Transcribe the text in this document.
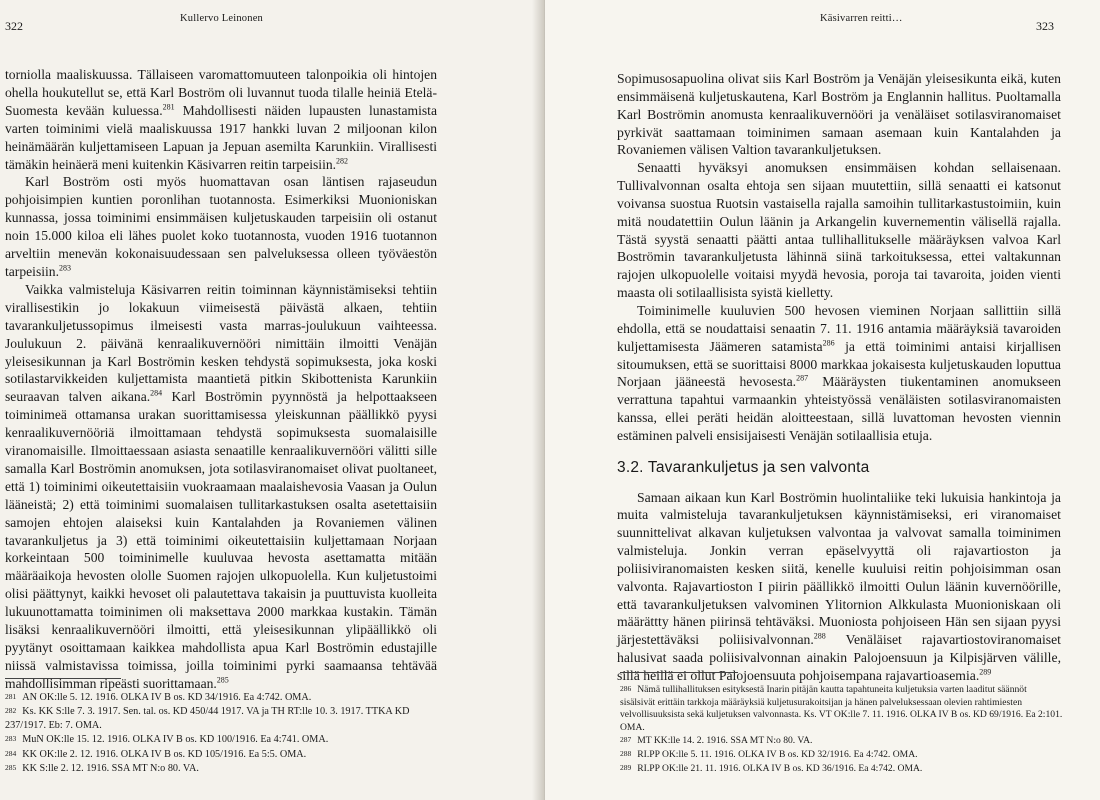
322
Kullervo Leinonen

torniolla maaliskuussa. Tällaiseen varomattomuuteen talonpoikia oli hintojen ohella houkutellut se, että Karl Boström oli luvannut tuoda tilalle heiniä Etelä-Suomesta kevään kuluessa.$^{281}$ Mahdollisesti näiden lupausten lunastamista varten toiminimi vielä maaliskuussa 1917 hankki luvan 2 miljoonan kilon heinämäärän kuljettamiseen Lapuan ja Jepuan asemilta Karunkiin. Virallisesti tämäkin heinäerä meni kuitenkin Käsivarren reitin tarpeisiin.$^{282}$

Karl Boström osti myös huomattavan osan läntisen rajaseudun pohjoisimpien kuntien poronlihan tuotannosta. Esimerkiksi Muonioniskan kunnassa, jossa toiminimi ensimmäisen kuljetuskauden tarpeisiin oli ostanut noin 15.000 kiloa eli lähes puolet koko tuotannosta, vuoden 1916 tuotannon arveltiin menevän kokonaisuudessaan sen palveluksessa olleen työväestön tarpeisiin.$^{283}$

Vaikka valmisteluja Käsivarren reitin toiminnan käynnistämiseksi tehtiin virallisestikin jo lokakuun viimeisestä päivästä alkaen, tehtiin tavarankuljetussopimus ilmeisesti vasta marras-joulukuun vaihteessa. Joulukuun 2. päivänä kenraalikuvernööri nimittäin ilmoitti Venäjän yleisesikunnan ja Karl Boströmin kesken tehdystä sopimuksesta, joka koski sotilastarvikkeiden kuljettamista maantietä pitkin Skibottenista Karunkiin seuraavan talven aikana.$^{284}$ Karl Boströmin pyynnöstä ja helpottaakseen toiminimeä ottamansa urakan suorittamisessa yleiskunnan päällikkö pyysi kenraalikuvernööriä ilmoittamaan tehdystä sopimuksesta suomalaisille viranomaisille. Ilmoittaessaan asiasta senaatille kenraalikuvernööri välitti sille samalla Karl Boströmin anomuksen, jota sotilasviranomaiset olivat puoltaneet, että 1) toiminimi oikeutettaisiin vuokraamaan maalaishevosia Vaasan ja Oulun lääneistä; 2) että toiminimi suomalaisen tullitarkastuksen osalta asetettaisiin samojen ehtojen alaiseksi kuin Kantalahden ja Rovaniemen välinen tavarankuljetus ja 3) että toiminimi oikeutettaisiin kuljettamaan Norjaan korkeintaan 500 toiminimelle kuuluvaa hevosta asettamatta mitään määräaikoja hevosten ololle Suomen rajojen ulkopuolella. Kun kuljetustoimi olisi päättynyt, kaikki hevoset oli palautettava takaisin ja puuttuvista kuolleita lukuunottamatta toiminimen oli maksettava 2000 markkaa kustakin. Tämän lisäksi kenraalikuvernööri ilmoitti, että yleisesikunnan ylipäällikkö oli pyytänyt osoittamaan kaikkea mahdollista apua Karl Boströmin edustajille niissä valmistavissa toimissa, joilla toiminimi pyrki saamaansa tehtävää mahdollisimman ripeästi suorittamaan.$^{285}$

281 AN OK:lle 5. 12. 1916. OLKA IV B os. KD 34/1916. Ea 4:742. OMA.
282 Ks. KK S:lle 7. 3. 1917. Sen. tal. os. KD 450/44 1917. VA ja TH RT:lle 10. 3. 1917. TTKA KD 237/1917. Eb: 7. OMA.
283 MuN OK:lle 15. 12. 1916. OLKA IV B os. KD 100/1916. Ea 4:741. OMA.
284 KK OK:lle 2. 12. 1916. OLKA IV B os. KD 105/1916. Ea 5:5. OMA.
285 KK S:lle 2. 12. 1916. SSA MT N:o 80. VA.
Käsivarren reitti…
323

Sopimusosapuolina olivat siis Karl Boström ja Venäjän yleisesikunta eikä, kuten ensimmäisenä kuljetuskautena, Karl Boström ja Englannin hallitus. Puoltamalla Karl Boströmin anomusta kenraalikuvernööri ja venäläiset sotilasviranomaiset pyrkivät saattamaan toiminimen samaan asemaan kuin Kantalahden ja Rovaniemen välisen Valtion tavarankuljetuksen.

Senaatti hyväksyi anomuksen ensimmäisen kohdan sellaisenaan. Tullivalvonnan osalta ehtoja sen sijaan muutettiin, sillä senaatti ei katsonut voivansa suostua Ruotsin vastaisella rajalla samoihin tullitarkastustoimiin, kuin mitä noudatettiin Oulun läänin ja Arkangelin kuvernementin välisellä rajalla. Tästä syystä senaatti päätti antaa tullihallitukselle määräyksen valvoa Karl Boströmin tavarankuljetusta lähinnä siinä tarkoituksessa, ettei valtakunnan rajojen ulkopuolelle voitaisi myydä hevosia, poroja tai tavaroita, joiden vienti maasta oli sotilaallisista syistä kielletty.

Toiminimelle kuuluvien 500 hevosen vieminen Norjaan sallittiin sillä ehdolla, että se noudattaisi senaatin 7. 11. 1916 antamia määräyksiä tavaroiden kuljettamisesta Jäämeren satamista$^{286}$ ja että toiminimi antaisi kirjallisen sitoumuksen, että se suorittaisi 8000 markkaa jokaisesta kuljetuskauden loputtua Norjaan jääneestä hevosesta.$^{287}$ Määräysten tiukentaminen anomukseen verrattuna tapahtui varmaankin yhteistyössä venäläisten sotilasviranomaisten kanssa, ellei peräti heidän aloitteestaan, sillä luvattoman hevosten viennin estäminen palveli ensisijaisesti Venäjän sotilaallisia etuja.

3.2. Tavarankuljetus ja sen valvonta

Samaan aikaan kun Karl Boströmin huolintaliike teki lukuisia hankintoja ja muita valmisteluja tavarankuljetuksen käynnistämiseksi, eri viranomaiset suunnittelivat alkavan kuljetuksen valvontaa ja valvovat samalla toiminimen valmisteluja. Jonkin verran epäselvyyttä oli rajavartioston ja poliisiviranomaisten kesken siitä, kenelle kuuluisi reitin pohjoisimman osan valvonta. Rajavartioston I piirin päällikkö ilmoitti Oulun läänin kuvernöörille, että tavarankuljetuksen valvominen Ylitornion Alkkulasta Muonioniskaan oli määrättty hänen piirinsä tehtäväksi. Muoniosta pohjoiseen Hän sen sijaan pyysi järjestettäväksi poliisivalvonnan.$^{288}$ Venäläiset rajavartiostoviranomaiset halusivat saada poliisivalvonnan ainakin Palojoensuun ja Kilpisjärven välille, sillä heillä ei ollut Palojoensuuta pohjoisempana rajavartioasemia.$^{289}$

286 Nämä tullihallituksen esityksestä Inarin pitäjän kautta tapahtuneita kuljetuksia varten laaditut säännöt sisälsivät erittäin tarkkoja määräyksiä kuljetusurakoitsijan ja hänen palveluksessaan olevien rahtimiesten velvollisuuksista sekä kuljetuksen valvonnasta. Ks. VT OK:lle 7. 11. 1916. OLKA IV B os. KD 69/1916. Ea 2:101. OMA.
287 MT KK:lle 14. 2. 1916. SSA MT N:o 80. VA.
288 RI.PP OK:lle 5. 11. 1916. OLKA IV B os. KD 32/1916. Ea 4:742. OMA.
289 RI.PP OK:lle 21. 11. 1916. OLKA IV B os. KD 36/1916. Ea 4:742. OMA.
